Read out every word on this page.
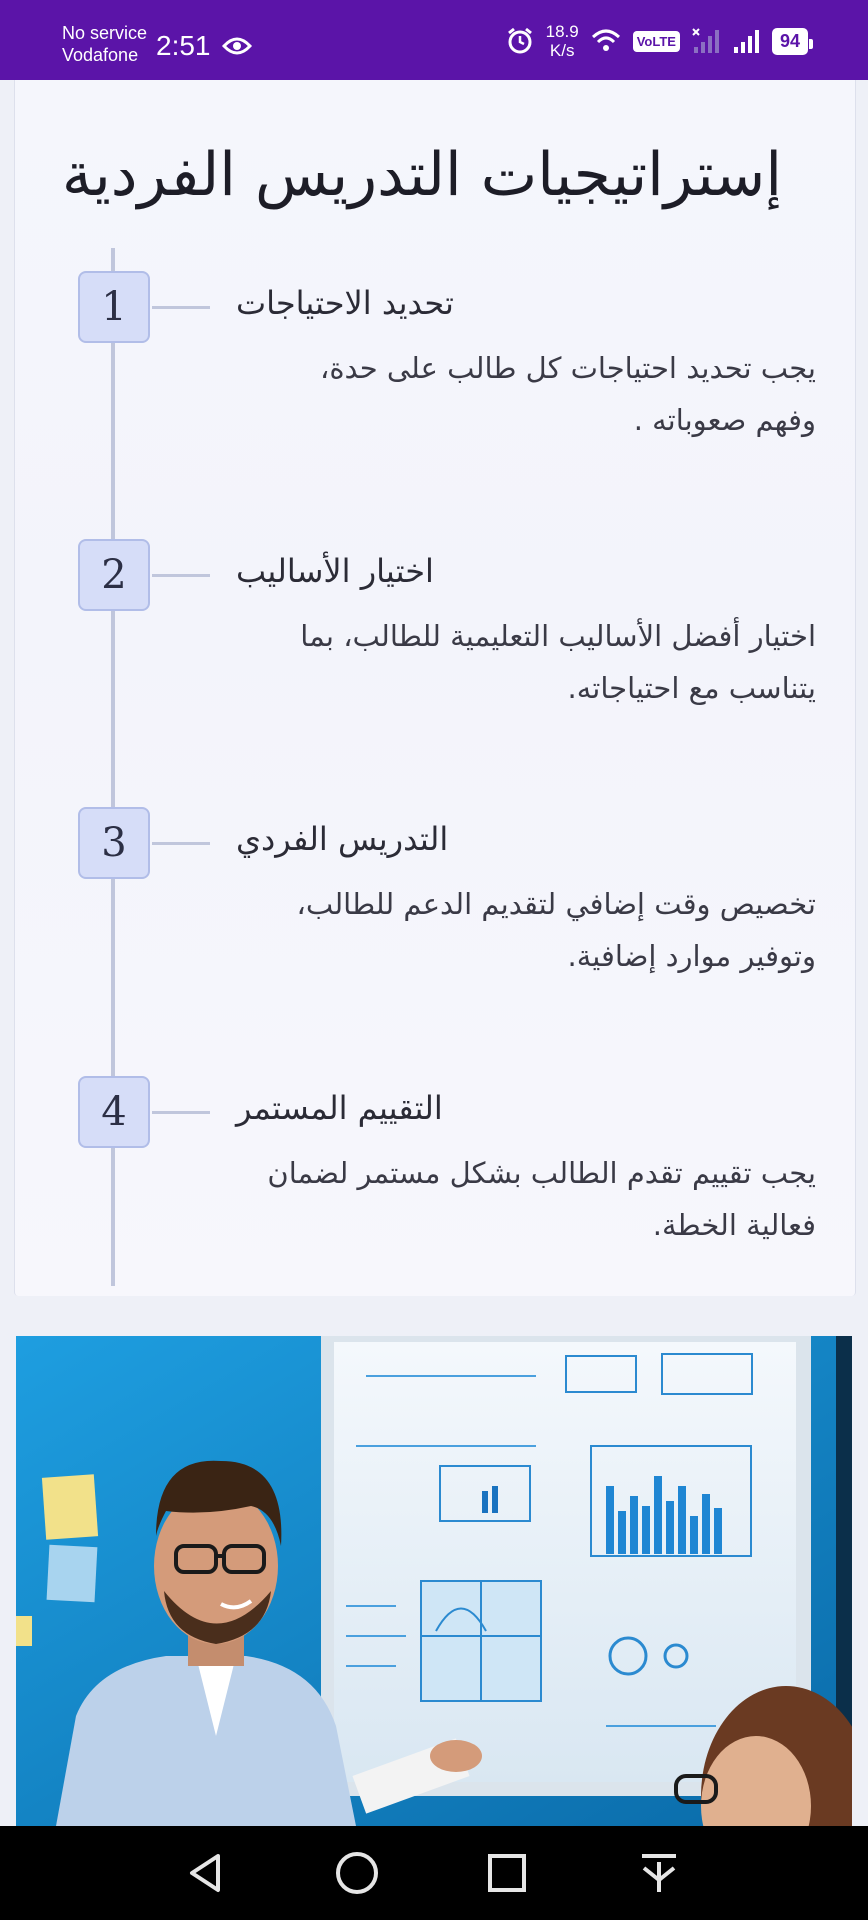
No service
Vodafone 2:51	18.9
K/s	VoLTE	94
إستراتيجيات التدريس الفردية
1	تحديد الاحتياجات
يجب تحديد احتياجات كل طالب على حدة،
وفهم صعوباته .
2	اختيار الأساليب
اختيار أفضل الأساليب التعليمية للطالب، بما
يتناسب مع احتياجاته.
3	التدريس الفردي
تخصيص وقت إضافي لتقديم الدعم للطالب،
وتوفير موارد إضافية.
4	التقييم المستمر
يجب تقييم تقدم الطالب بشكل مستمر لضمان
فعالية الخطة.
